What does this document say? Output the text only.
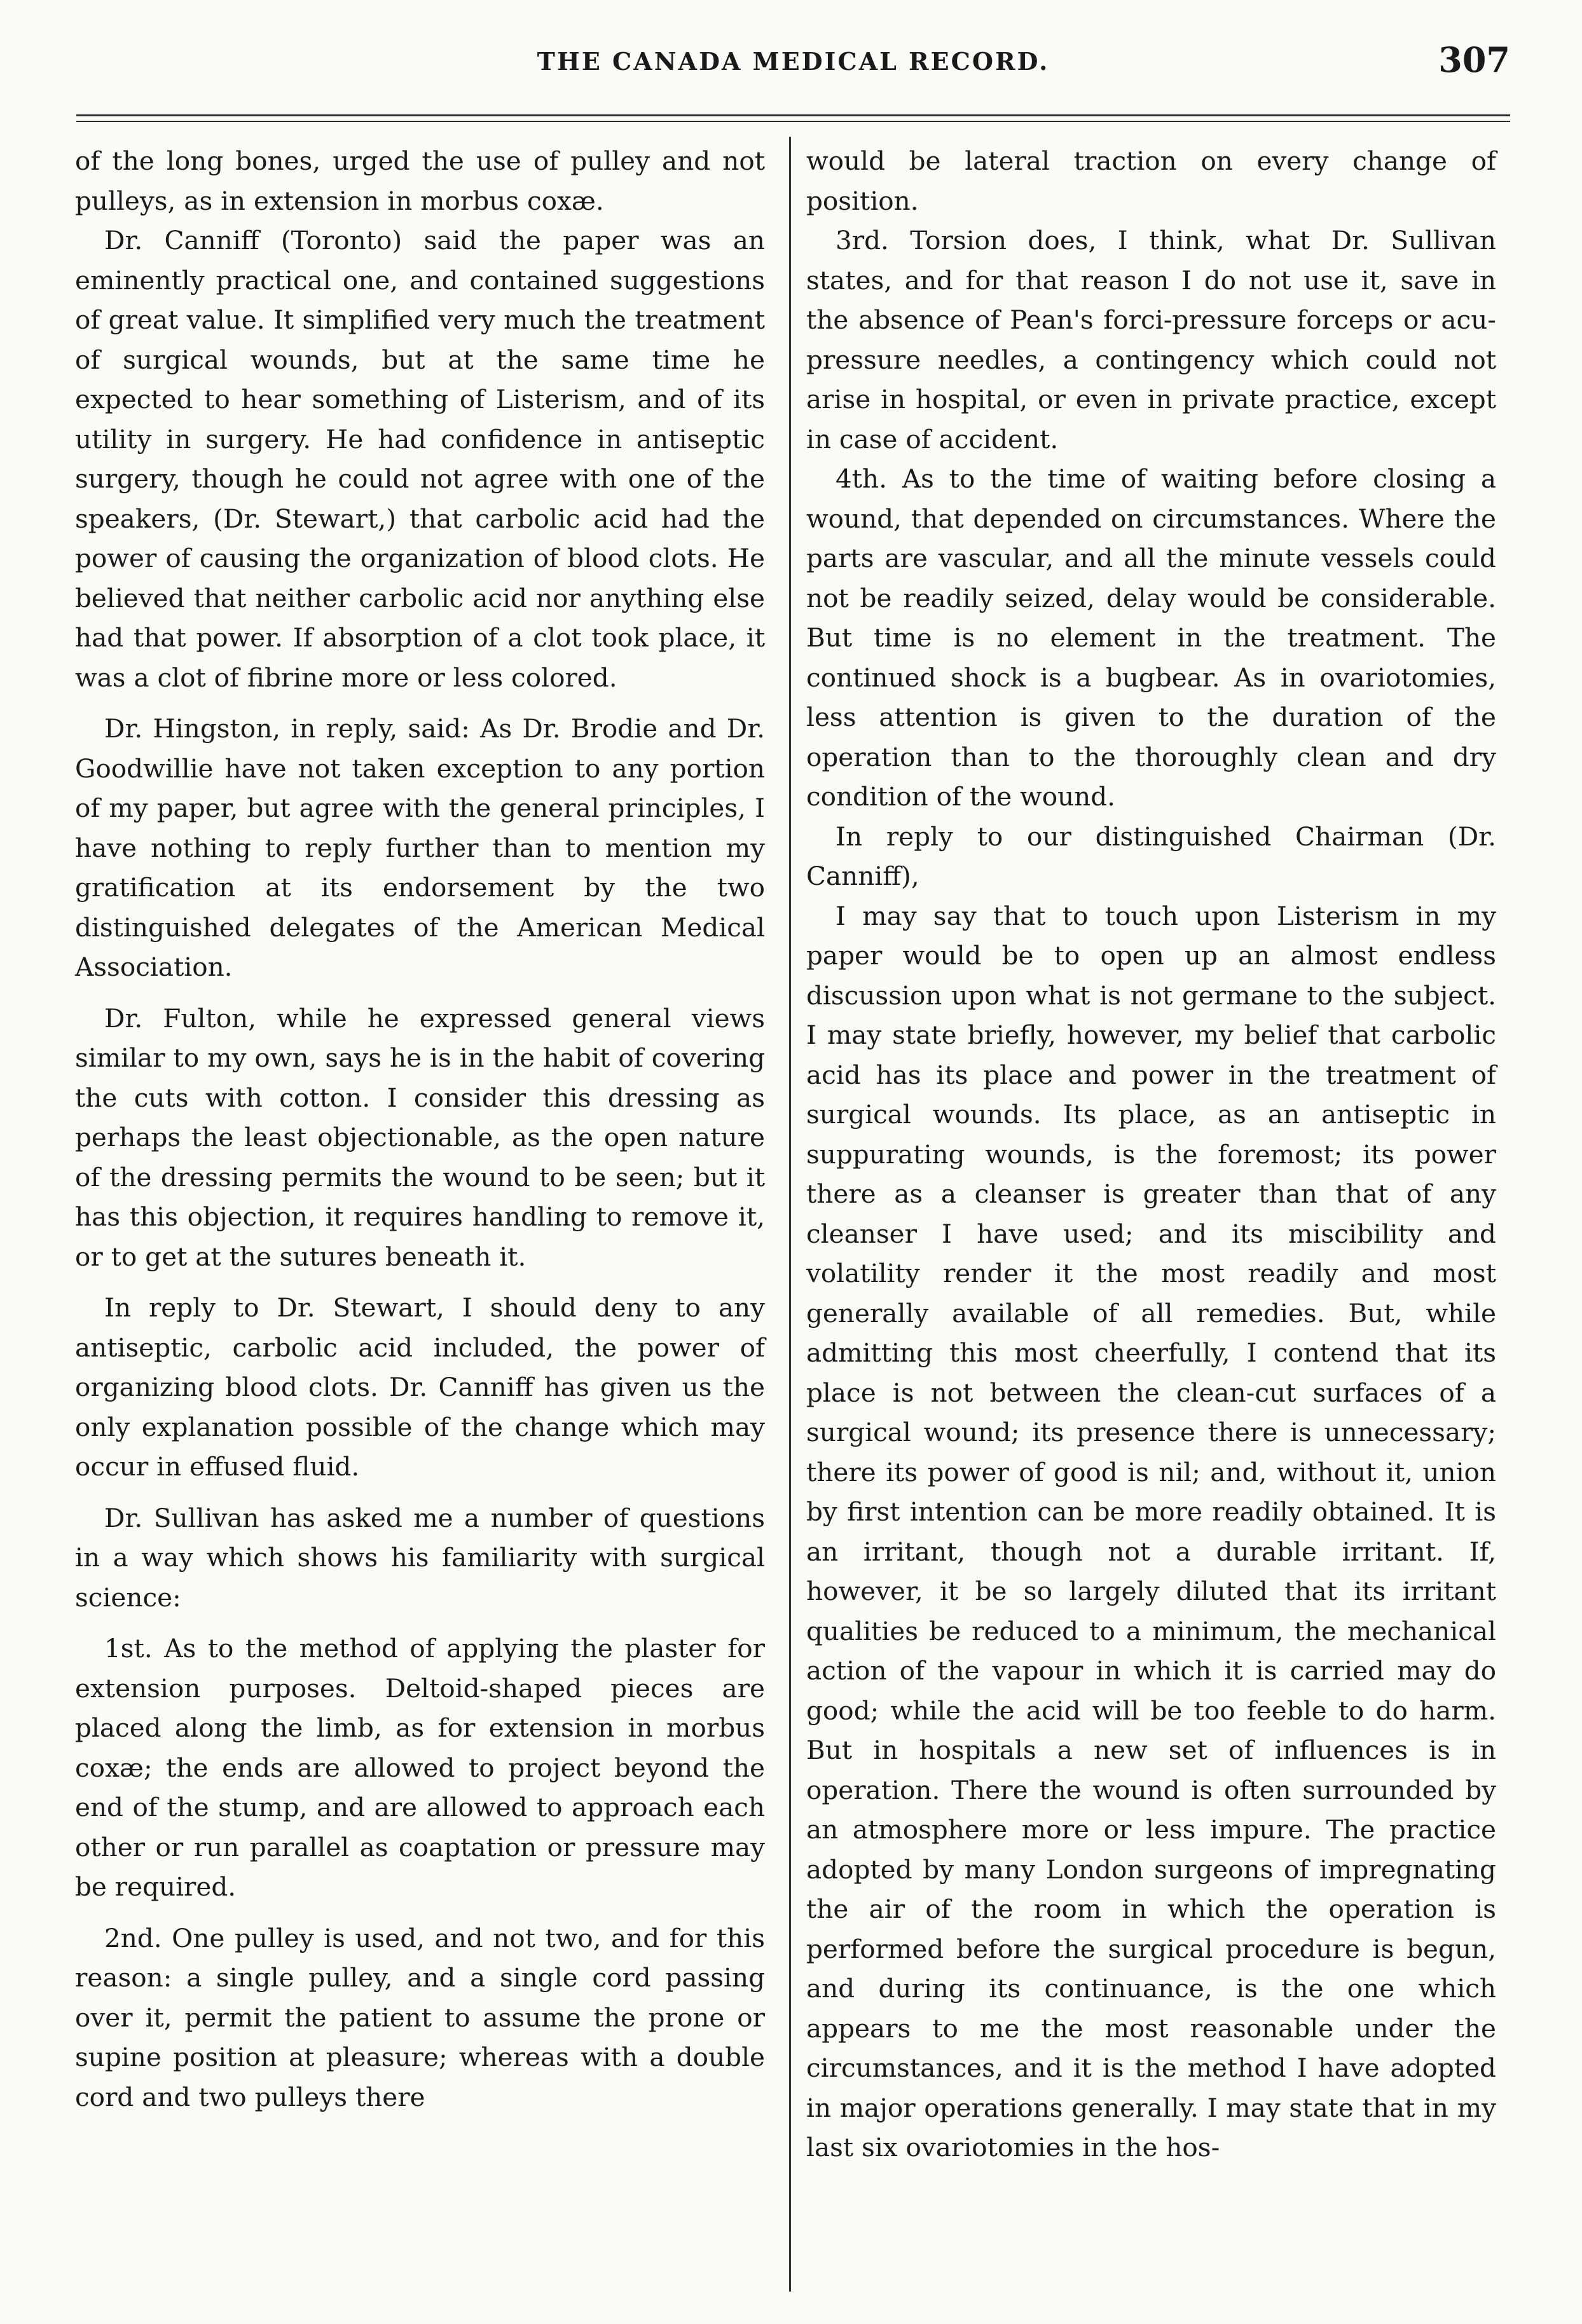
THE CANADA MEDICAL RECORD.	307

of the long bones, urged the use of pulley and not pulleys, as in extension in morbus coxæ.

Dr. Canniff (Toronto) said the paper was an eminently practical one, and contained suggestions of great value. It simplified very much the treatment of surgical wounds, but at the same time he expected to hear something of Listerism, and of its utility in surgery. He had confidence in antiseptic surgery, though he could not agree with one of the speakers, (Dr. Stewart,) that carbolic acid had the power of causing the organization of blood clots. He believed that neither carbolic acid nor anything else had that power. If absorption of a clot took place, it was a clot of fibrine more or less colored.

Dr. Hingston, in reply, said: As Dr. Brodie and Dr. Goodwillie have not taken exception to any portion of my paper, but agree with the general principles, I have nothing to reply further than to mention my gratification at its endorsement by the two distinguished delegates of the American Medical Association.

Dr. Fulton, while he expressed general views similar to my own, says he is in the habit of covering the cuts with cotton. I consider this dressing as perhaps the least objectionable, as the open nature of the dressing permits the wound to be seen; but it has this objection, it requires handling to remove it, or to get at the sutures beneath it.

In reply to Dr. Stewart, I should deny to any antiseptic, carbolic acid included, the power of organizing blood clots. Dr. Canniff has given us the only explanation possible of the change which may occur in effused fluid.

Dr. Sullivan has asked me a number of questions in a way which shows his familiarity with surgical science:

1st. As to the method of applying the plaster for extension purposes. Deltoid-shaped pieces are placed along the limb, as for extension in morbus coxæ; the ends are allowed to project beyond the end of the stump, and are allowed to approach each other or run parallel as coaptation or pressure may be required.

2nd. One pulley is used, and not two, and for this reason: a single pulley, and a single cord passing over it, permit the patient to assume the prone or supine position at pleasure; whereas with a double cord and two pulleys there

would be lateral traction on every change of position.

3rd. Torsion does, I think, what Dr. Sullivan states, and for that reason I do not use it, save in the absence of Pean's forci-pressure forceps or acu-pressure needles, a contingency which could not arise in hospital, or even in private practice, except in case of accident.

4th. As to the time of waiting before closing a wound, that depended on circumstances. Where the parts are vascular, and all the minute vessels could not be readily seized, delay would be considerable. But time is no element in the treatment. The continued shock is a bugbear. As in ovariotomies, less attention is given to the duration of the operation than to the thoroughly clean and dry condition of the wound.

In reply to our distinguished Chairman (Dr. Canniff),

I may say that to touch upon Listerism in my paper would be to open up an almost endless discussion upon what is not germane to the subject. I may state briefly, however, my belief that carbolic acid has its place and power in the treatment of surgical wounds. Its place, as an antiseptic in suppurating wounds, is the foremost; its power there as a cleanser is greater than that of any cleanser I have used; and its miscibility and volatility render it the most readily and most generally available of all remedies. But, while admitting this most cheerfully, I contend that its place is not between the clean-cut surfaces of a surgical wound; its presence there is unnecessary; there its power of good is nil; and, without it, union by first intention can be more readily obtained. It is an irritant, though not a durable irritant. If, however, it be so largely diluted that its irritant qualities be reduced to a minimum, the mechanical action of the vapour in which it is carried may do good; while the acid will be too feeble to do harm. But in hospitals a new set of influences is in operation. There the wound is often surrounded by an atmosphere more or less impure. The practice adopted by many London surgeons of impregnating the air of the room in which the operation is performed before the surgical procedure is begun, and during its continuance, is the one which appears to me the most reasonable under the circumstances, and it is the method I have adopted in major operations generally. I may state that in my last six ovariotomies in the hos-
